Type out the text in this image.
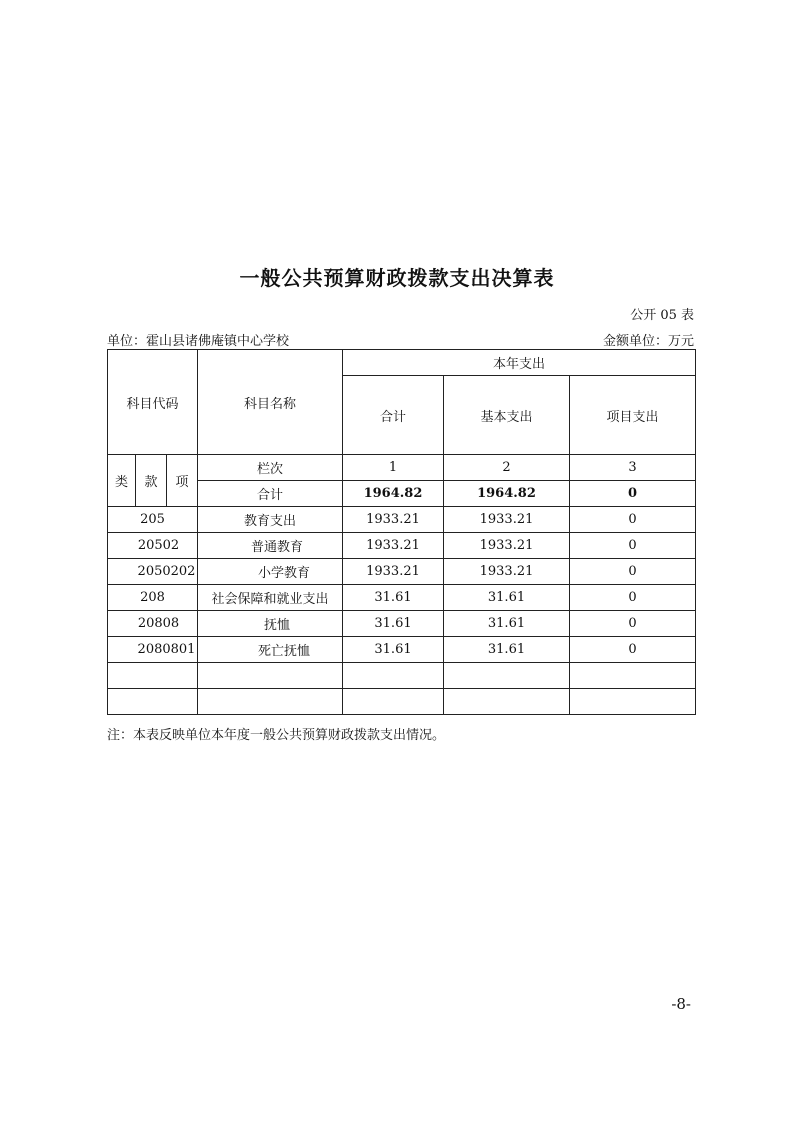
一般公共预算财政拨款支出决算表
公开 05 表
单位：霍山县诸佛庵镇中心学校	金额单位：万元
科目代码			科目名称	本年支出		
				合计	基本支出	项目支出
类	款	项	栏次	1	2	3
			合计	1964.82	1964.82	0
205			教育支出	1933.21	1933.21	0
20502			普通教育	1933.21	1933.21	0
2050202			小学教育	1933.21	1933.21	0
208			社会保障和就业支出	31.61	31.61	0
20808			抚恤	31.61	31.61	0
2080801			死亡抚恤	31.61	31.61	0

注：本表反映单位本年度一般公共预算财政拨款支出情况。
-8-
